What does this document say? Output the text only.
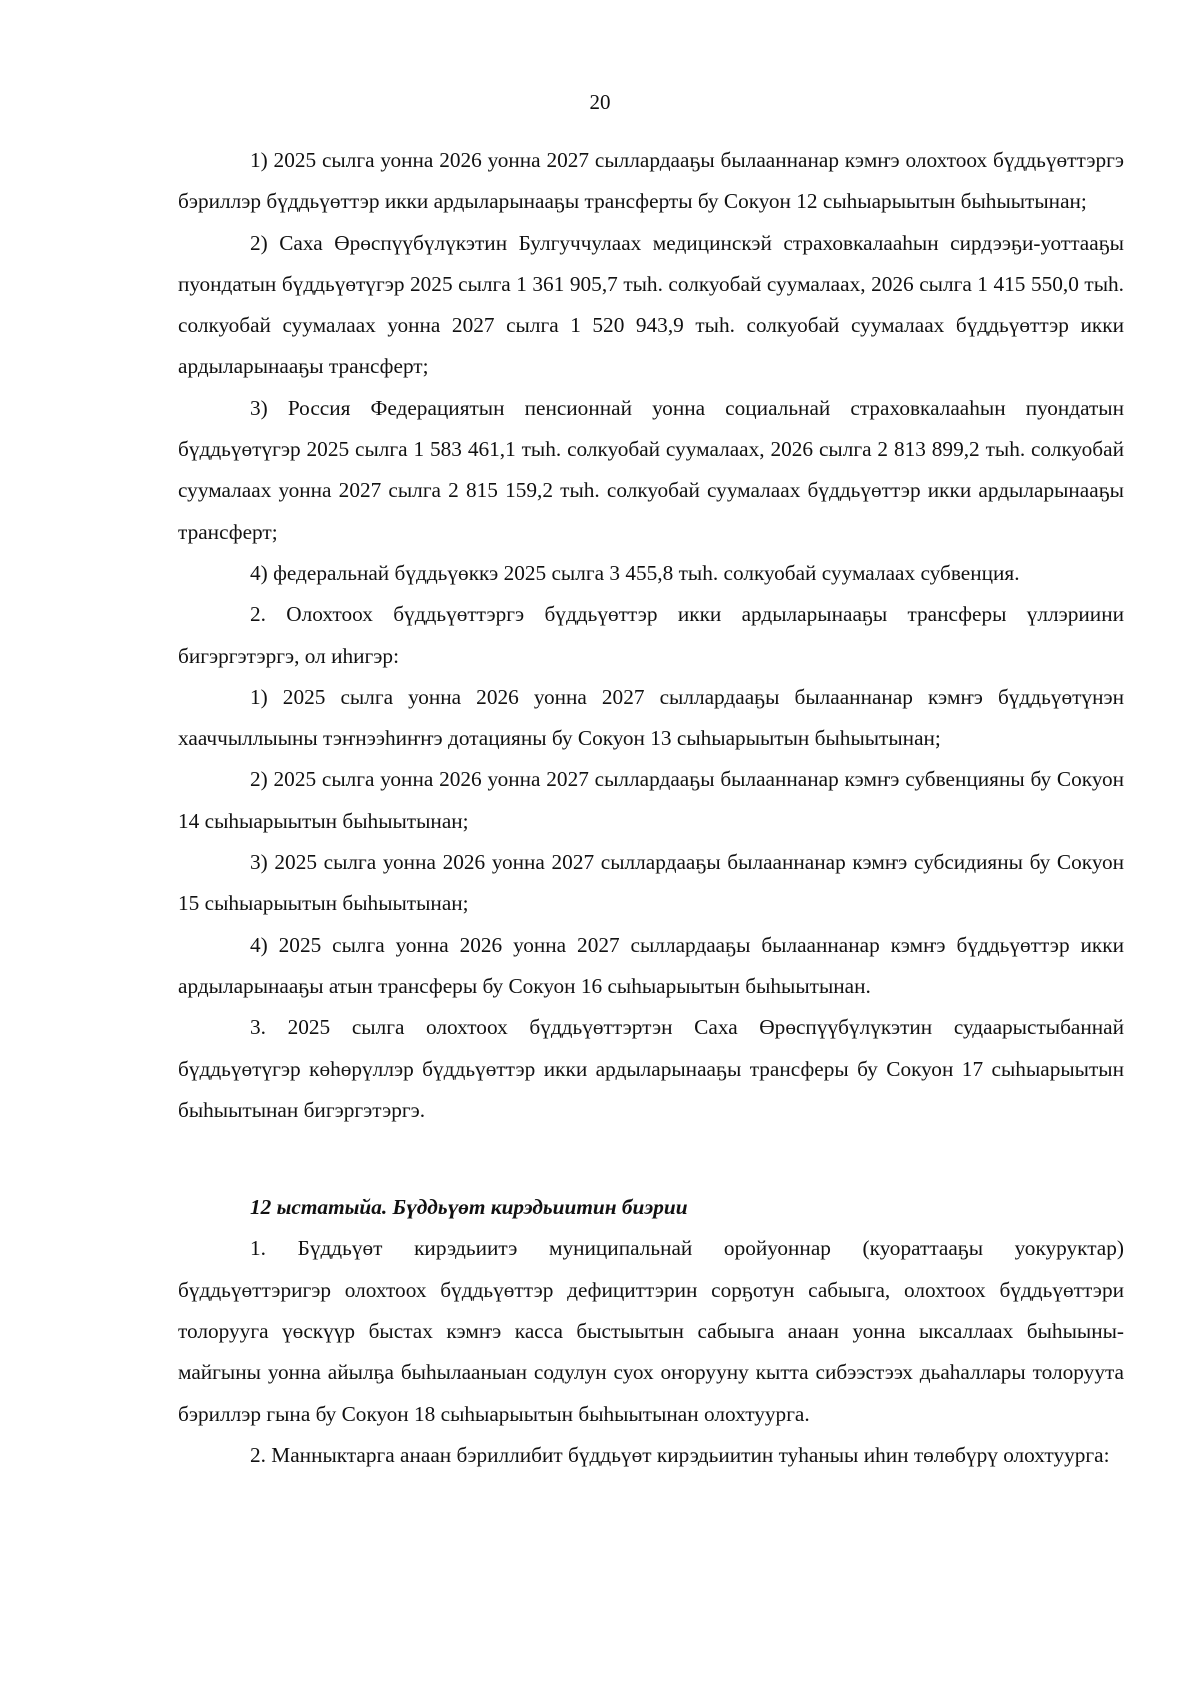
20

1) 2025 сылга уонна 2026 уонна 2027 сыллардааҕы былааннанар кэмҥэ олохтоох бүддьүөттэргэ бэриллэр бүддьүөттэр икки ардыларынааҕы трансферты бу Сокуон 12 сыһыарыытын быһыытынан;

2) Саха Өрөспүүбүлүкэтин Булгуччулаах медицинскэй страховкалааһын сирдээҕи-уоттааҕы пуондатын бүддьүөтүгэр 2025 сылга 1 361 905,7 тыһ. солкуобай суумалаах, 2026 сылга 1 415 550,0 тыһ. солкуобай суумалаах уонна 2027 сылга 1 520 943,9 тыһ. солкуобай суумалаах бүддьүөттэр икки ардыларынааҕы трансферт;

3) Россия Федерациятын пенсионнай уонна социальнай страховкалааһын пуондатын бүддьүөтүгэр 2025 сылга 1 583 461,1 тыһ. солкуобай суумалаах, 2026 сылга 2 813 899,2 тыһ. солкуобай суумалаах уонна 2027 сылга 2 815 159,2 тыһ. солкуобай суумалаах бүддьүөттэр икки ардыларынааҕы трансферт;

4) федеральнай бүддьүөккэ 2025 сылга 3 455,8 тыһ. солкуобай суумалаах субвенция.

2. Олохтоох бүддьүөттэргэ бүддьүөттэр икки ардыларынааҕы трансферы үллэриини бигэргэтэргэ, ол иһигэр:

1) 2025 сылга уонна 2026 уонна 2027 сыллардааҕы былааннанар кэмҥэ бүддьүөтүнэн хааччыллыыны тэҥнээһиҥҥэ дотацияны бу Сокуон 13 сыһыарыытын быһыытынан;

2) 2025 сылга уонна 2026 уонна 2027 сыллардааҕы былааннанар кэмҥэ субвенцияны бу Сокуон 14 сыһыарыытын быһыытынан;

3) 2025 сылга уонна 2026 уонна 2027 сыллардааҕы былааннанар кэмҥэ субсидияны бу Сокуон 15 сыһыарыытын быһыытынан;

4) 2025 сылга уонна 2026 уонна 2027 сыллардааҕы былааннанар кэмҥэ бүддьүөттэр икки ардыларынааҕы атын трансферы бу Сокуон 16 сыһыарыытын быһыытынан.

3. 2025 сылга олохтоох бүддьүөттэртэн Саха Өрөспүүбүлүкэтин судаарыстыбаннай бүддьүөтүгэр көһөрүллэр бүддьүөттэр икки ардыларынааҕы трансферы бу Сокуон 17 сыһыарыытын быһыытынан бигэргэтэргэ.

12 ыстатыйа. Бүддьүөт кирэдьиитин биэрии

1. Бүддьүөт кирэдьиитэ муниципальнай оройуоннар (куораттааҕы уокуруктар) бүддьүөттэригэр олохтоох бүддьүөттэр дефициттэрин сорҕотун сабыыга, олохтоох бүддьүөттэри толорууга үөскүүр быстах кэмҥэ касса быстыытын сабыыга анаан уонна ыксаллаах быһыыны-майгыны уонна айылҕа быһылааныан содулун суох оҥорууну кытта сибээстээх дьаһаллары толоруута бэриллэр гына бу Сокуон 18 сыһыарыытын быһыытынан олохтуурга.

2. Манныктарга анаан бэриллибит бүддьүөт кирэдьиитин туһаныы иһин төлөбүрү олохтуурга:
